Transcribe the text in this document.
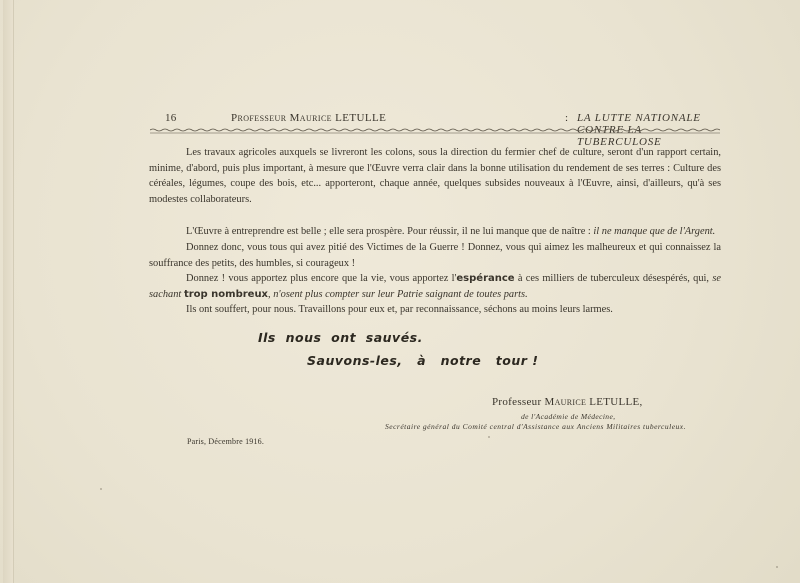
16	Professeur Maurice LETULLE	: LA LUTTE NATIONALE CONTRE LA TUBERCULOSE

Les travaux agricoles auxquels se livreront les colons, sous la direction du fermier chef de culture, seront d'un rapport certain, minime, d'abord, puis plus important, à mesure que l'Œuvre verra clair dans la bonne utilisation du rendement de ses terres : Culture des céréales, légumes, coupe des bois, etc... apporteront, chaque année, quelques subsides nouveaux à l'Œuvre, ainsi, d'ailleurs, qu'à ses modestes collaborateurs.

L'Œuvre à entreprendre est belle ; elle sera prospère. Pour réussir, il ne lui manque que de naître : il ne manque que de l'Argent.

Donnez donc, vous tous qui avez pitié des Victimes de la Guerre ! Donnez, vous qui aimez les malheureux et qui connaissez la souffrance des petits, des humbles, si courageux !

Donnez ! vous apportez plus encore que la vie, vous apportez l'espérance à ces milliers de tuberculeux désespérés, qui, se sachant trop nombreux, n'osent plus compter sur leur Patrie saignant de toutes parts.

Ils ont souffert, pour nous. Travaillons pour eux et, par reconnaissance, séchons au moins leurs larmes.

Ils  nous  ont  sauvés.
Sauvons-les,   à   notre   tour !
Professeur Maurice LETULLE,
de l'Académie de Médecine,
Secrétaire général du Comité central d'Assistance aux Anciens Militaires tuberculeux.
Paris, Décembre 1916.
